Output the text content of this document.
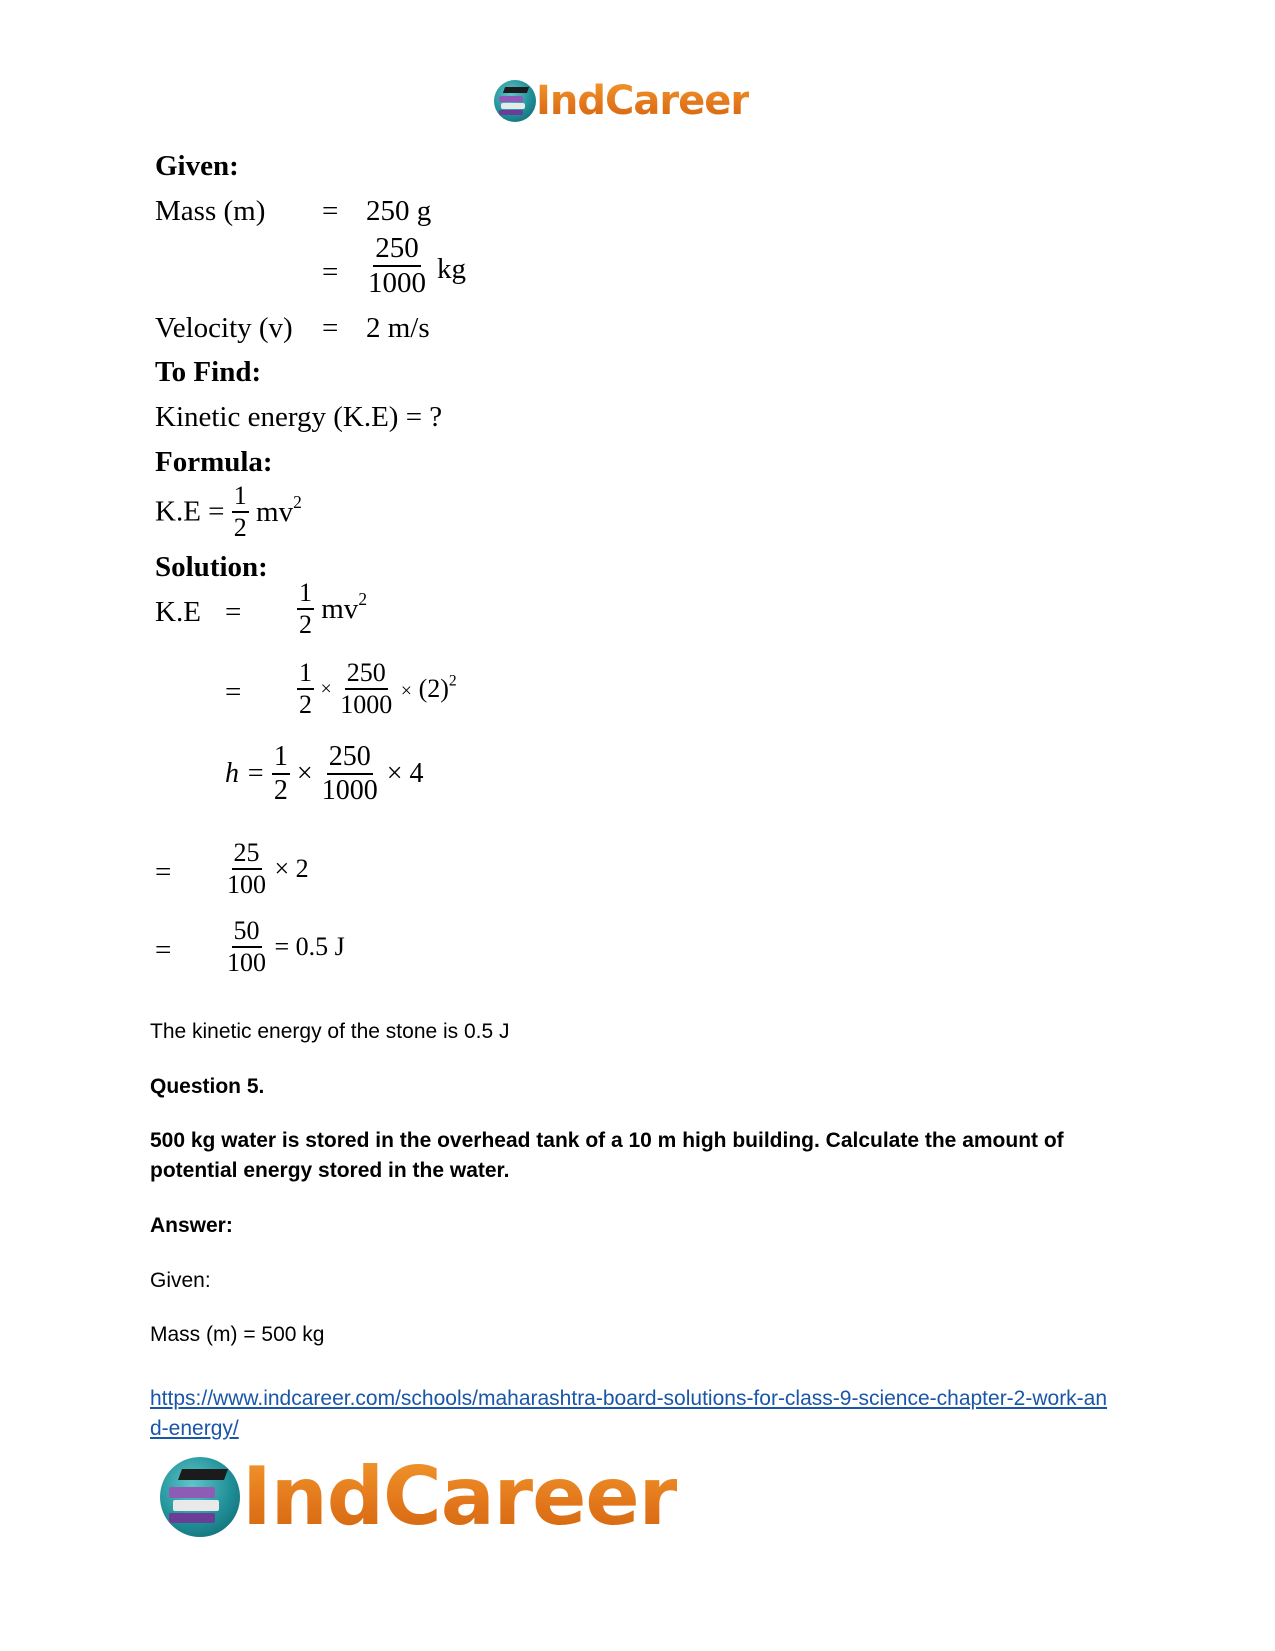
IndCareer
Given:
Mass (m) = 250 g
= $\frac{250}{1000}$ kg
Velocity (v) = 2 m/s
To Find:
Kinetic energy (K.E) = ?
Formula:
$K.E = \frac{1}{2} mv^2$
Solution:
$K.E = \frac{1}{2} mv^2$
= $\frac{1}{2} \times \frac{250}{1000} \times (2)^2$
$h = \frac{1}{2} \times \frac{250}{1000} \times 4$
= $\frac{25}{100} \times 2$
= $\frac{50}{100} = 0.5$ J
The kinetic energy of the stone is 0.5 J
Question 5.
500 kg water is stored in the overhead tank of a 10 m high building. Calculate the amount of potential energy stored in the water.
Answer:
Given:
Mass (m) = 500 kg
https://www.indcareer.com/schools/maharashtra-board-solutions-for-class-9-science-chapter-2-work-and-energy/
IndCareer
